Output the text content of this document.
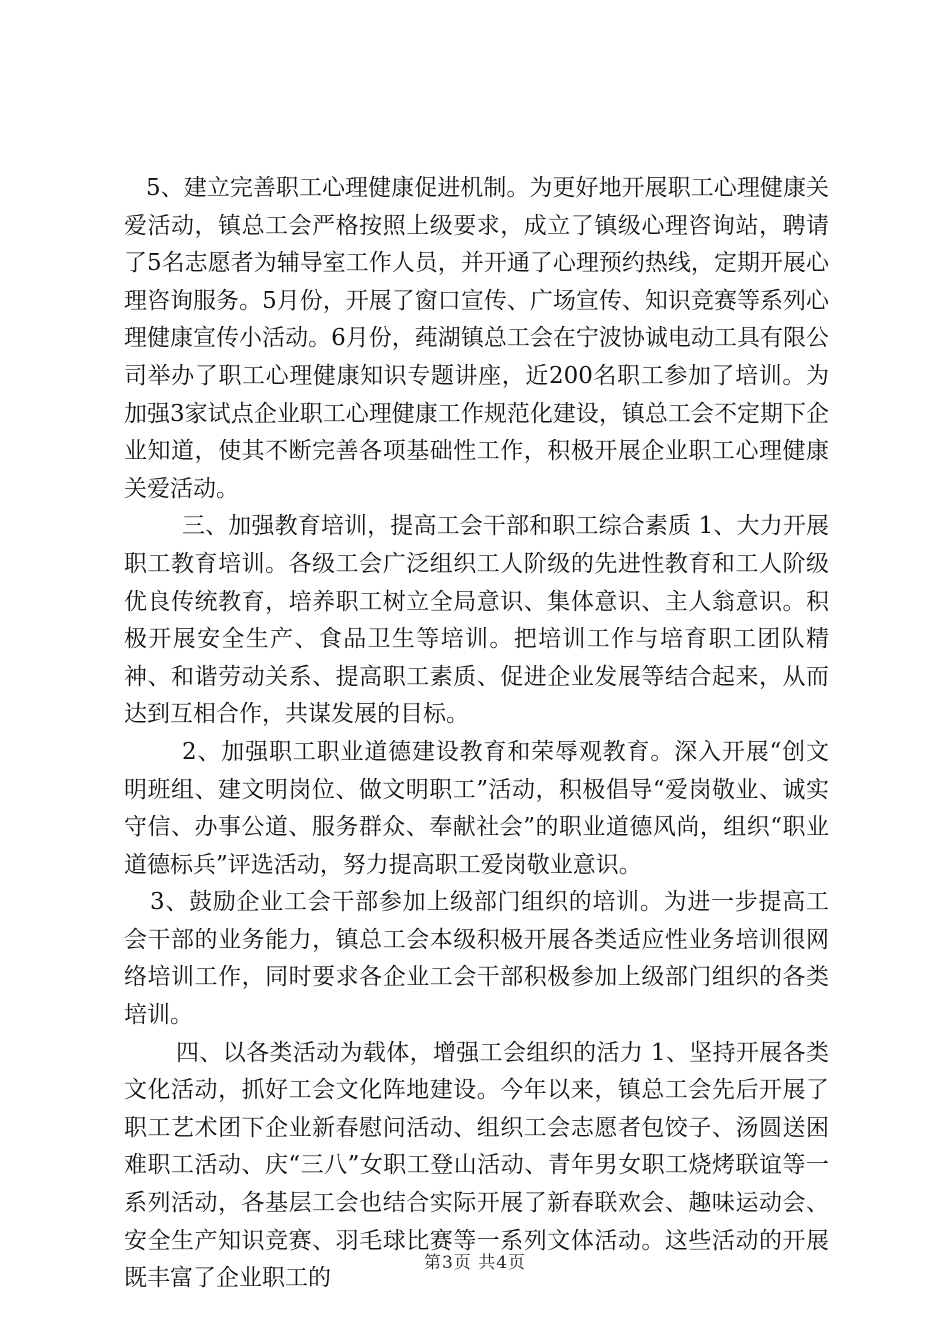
5、建立完善职工心理健康促进机制。为更好地开展职工心理健康关爱活动，镇总工会严格按照上级要求，成立了镇级心理咨询站，聘请了5名志愿者为辅导室工作人员，并开通了心理预约热线，定期开展心理咨询服务。5月份，开展了窗口宣传、广场宣传、知识竞赛等系列心理健康宣传小活动。6月份，莼湖镇总工会在宁波协诚电动工具有限公司举办了职工心理健康知识专题讲座，近200名职工参加了培训。为加强3家试点企业职工心理健康工作规范化建设，镇总工会不定期下企业知道，使其不断完善各项基础性工作，积极开展企业职工心理健康关爱活动。

三、加强教育培训，提高工会干部和职工综合素质 1、大力开展职工教育培训。各级工会广泛组织工人阶级的先进性教育和工人阶级优良传统教育，培养职工树立全局意识、集体意识、主人翁意识。积极开展安全生产、食品卫生等培训。把培训工作与培育职工团队精神、和谐劳动关系、提高职工素质、促进企业发展等结合起来，从而达到互相合作，共谋发展的目标。

2、加强职工职业道德建设教育和荣辱观教育。深入开展“创文明班组、建文明岗位、做文明职工”活动，积极倡导“爱岗敬业、诚实守信、办事公道、服务群众、奉献社会”的职业道德风尚，组织“职业道德标兵”评选活动，努力提高职工爱岗敬业意识。

3、鼓励企业工会干部参加上级部门组织的培训。为进一步提高工会干部的业务能力，镇总工会本级积极开展各类适应性业务培训很网络培训工作，同时要求各企业工会干部积极参加上级部门组织的各类培训。

四、以各类活动为载体，增强工会组织的活力 1、坚持开展各类文化活动，抓好工会文化阵地建设。今年以来，镇总工会先后开展了职工艺术团下企业新春慰问活动、组织工会志愿者包饺子、汤圆送困难职工活动、庆“三八”女职工登山活动、青年男女职工烧烤联谊等一系列活动，各基层工会也结合实际开展了新春联欢会、趣味运动会、安全生产知识竞赛、羽毛球比赛等一系列文体活动。这些活动的开展既丰富了企业职工的

第3页 共4页
